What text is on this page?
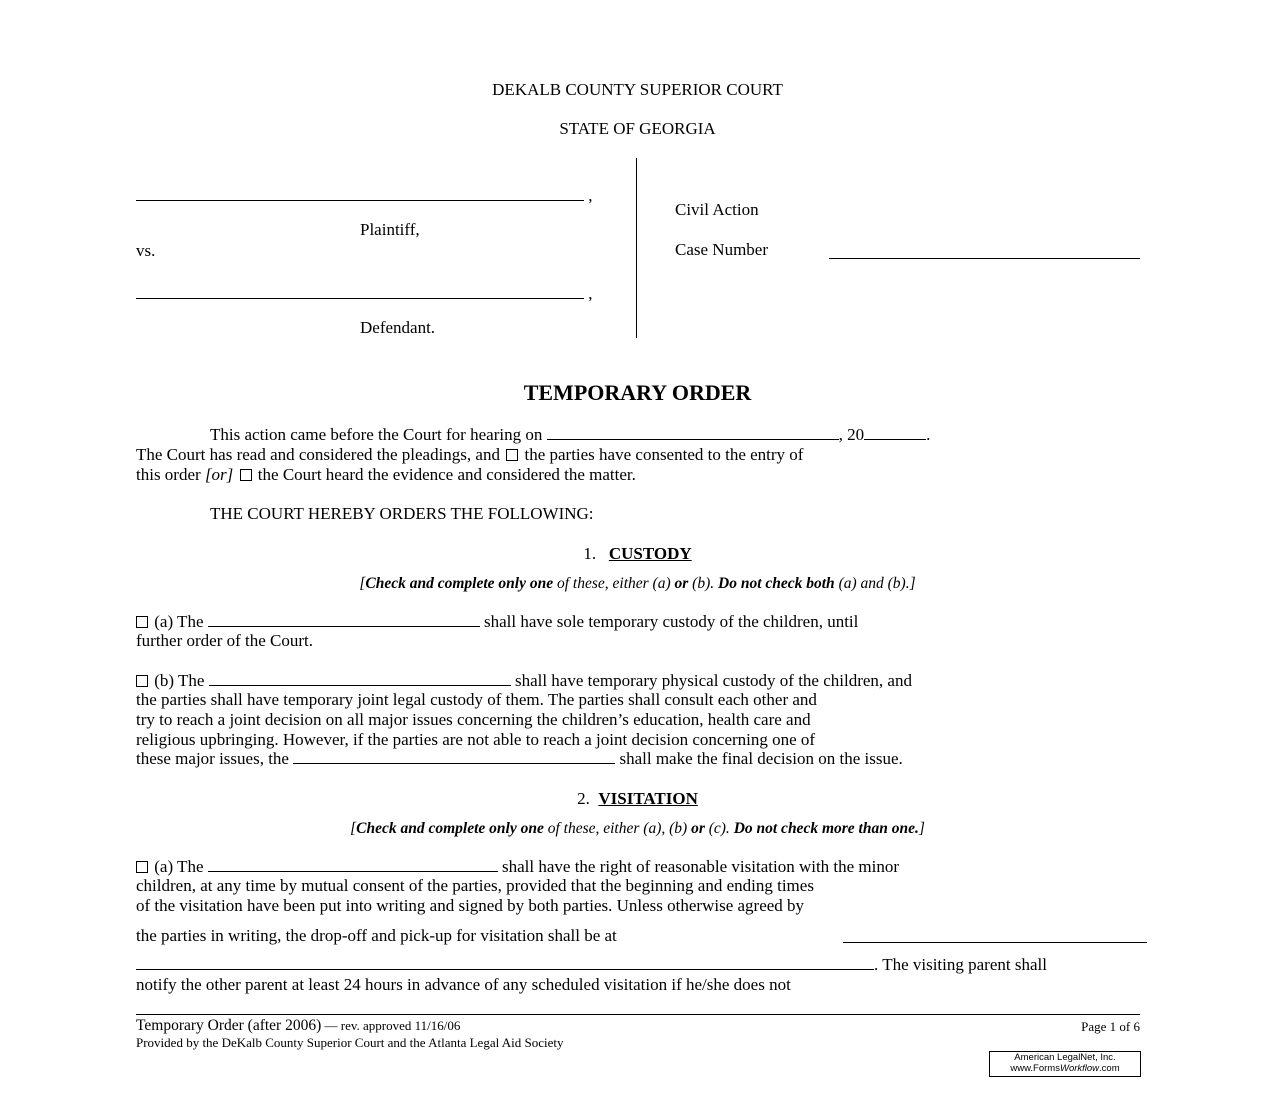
DEKALB COUNTY SUPERIOR COURT
STATE OF GEORGIA
,
Plaintiff,
vs.
,
Defendant.
Civil Action
Case Number
TEMPORARY ORDER
This action came before the Court for hearing on	, 20	.
The Court has read and considered the pleadings, and the parties have consented to the entry of
this order [or] the Court heard the evidence and considered the matter.
THE COURT HEREBY ORDERS THE FOLLOWING:
1. CUSTODY
[Check and complete only one of these, either (a) or (b). Do not check both (a) and (b).]
(a) The	shall have sole temporary custody of the children, until
further order of the Court.
(b) The	shall have temporary physical custody of the children, and
the parties shall have temporary joint legal custody of them. The parties shall consult each other and
try to reach a joint decision on all major issues concerning the children’s education, health care and
religious upbringing. However, if the parties are not able to reach a joint decision concerning one of
these major issues, the	shall make the final decision on the issue.
2. VISITATION
[Check and complete only one of these, either (a), (b) or (c). Do not check more than one.]
(a) The	shall have the right of reasonable visitation with the minor
children, at any time by mutual consent of the parties, provided that the beginning and ending times
of the visitation have been put into writing and signed by both parties. Unless otherwise agreed by
the parties in writing, the drop-off and pick-up for visitation shall be at
. The visiting parent shall
notify the other parent at least 24 hours in advance of any scheduled visitation if he/she does not
Temporary Order (after 2006) — rev. approved 11/16/06	Page 1 of 6
Provided by the DeKalb County Superior Court and the Atlanta Legal Aid Society
American LegalNet, Inc.
www.FormsWorkflow.com
